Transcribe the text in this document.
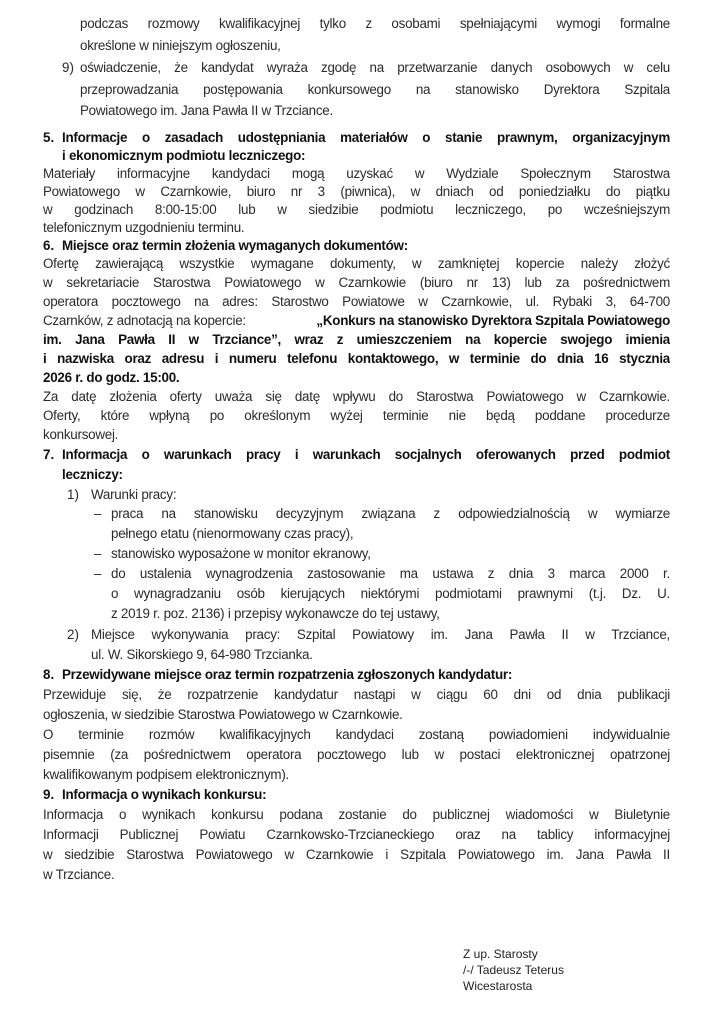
podczas rozmowy kwalifikacyjnej tylko z osobami spełniającymi wymogi formalne
określone w niniejszym ogłoszeniu,
9) oświadczenie, że kandydat wyraża zgodę na przetwarzanie danych osobowych w celu
przeprowadzania postępowania konkursowego na stanowisko Dyrektora Szpitala
Powiatowego im. Jana Pawła II w Trzciance.
5. Informacje o zasadach udostępniania materiałów o stanie prawnym, organizacyjnym
i ekonomicznym podmiotu leczniczego:
Materiały informacyjne kandydaci mogą uzyskać w Wydziale Społecznym Starostwa
Powiatowego w Czarnkowie, biuro nr 3 (piwnica), w dniach od poniedziałku do piątku
w godzinach 8:00-15:00 lub w siedzibie podmiotu leczniczego, po wcześniejszym
telefonicznym uzgodnieniu terminu.
6. Miejsce oraz termin złożenia wymaganych dokumentów:
Ofertę zawierającą wszystkie wymagane dokumenty, w zamkniętej kopercie należy złożyć
w sekretariacie Starostwa Powiatowego w Czarnkowie (biuro nr 13) lub za pośrednictwem
operatora pocztowego na adres: Starostwo Powiatowe w Czarnkowie, ul. Rybaki 3, 64-700
Czarnków, z adnotacją na kopercie:	„Konkurs na stanowisko Dyrektora Szpitala Powiatowego
im. Jana Pawła II w Trzciance”, wraz z umieszczeniem na kopercie swojego imienia
i nazwiska oraz adresu i numeru telefonu kontaktowego, w terminie do dnia 16 stycznia
2026 r. do godz. 15:00.
Za datę złożenia oferty uważa się datę wpływu do Starostwa Powiatowego w Czarnkowie.
Oferty, które wpłyną po określonym wyżej terminie nie będą poddane procedurze
konkursowej.
7. Informacja o warunkach pracy i warunkach socjalnych oferowanych przed podmiot
leczniczy:
1) Warunki pracy:
– praca na stanowisku decyzyjnym związana z odpowiedzialnością w wymiarze
pełnego etatu (nienormowany czas pracy),
– stanowisko wyposażone w monitor ekranowy,
– do ustalenia wynagrodzenia zastosowanie ma ustawa z dnia 3 marca 2000 r.
o wynagradzaniu osób kierujących niektórymi podmiotami prawnymi (t.j. Dz. U.
z 2019 r. poz. 2136) i przepisy wykonawcze do tej ustawy,
2) Miejsce wykonywania pracy: Szpital Powiatowy im. Jana Pawła II w Trzciance,
ul. W. Sikorskiego 9, 64-980 Trzcianka.
8. Przewidywane miejsce oraz termin rozpatrzenia zgłoszonych kandydatur:
Przewiduje się, że rozpatrzenie kandydatur nastąpi w ciągu 60 dni od dnia publikacji
ogłoszenia, w siedzibie Starostwa Powiatowego w Czarnkowie.
O terminie rozmów kwalifikacyjnych kandydaci zostaną powiadomieni indywidualnie
pisemnie (za pośrednictwem operatora pocztowego lub w postaci elektronicznej opatrzonej
kwalifikowanym podpisem elektronicznym).
9. Informacja o wynikach konkursu:
Informacja o wynikach konkursu podana zostanie do publicznej wiadomości w Biuletynie
Informacji Publicznej Powiatu Czarnkowsko-Trzcianeckiego oraz na tablicy informacyjnej
w siedzibie Starostwa Powiatowego w Czarnkowie i Szpitala Powiatowego im. Jana Pawła II
w Trzciance.
Z up. Starosty
/-/ Tadeusz Teterus
Wicestarosta
